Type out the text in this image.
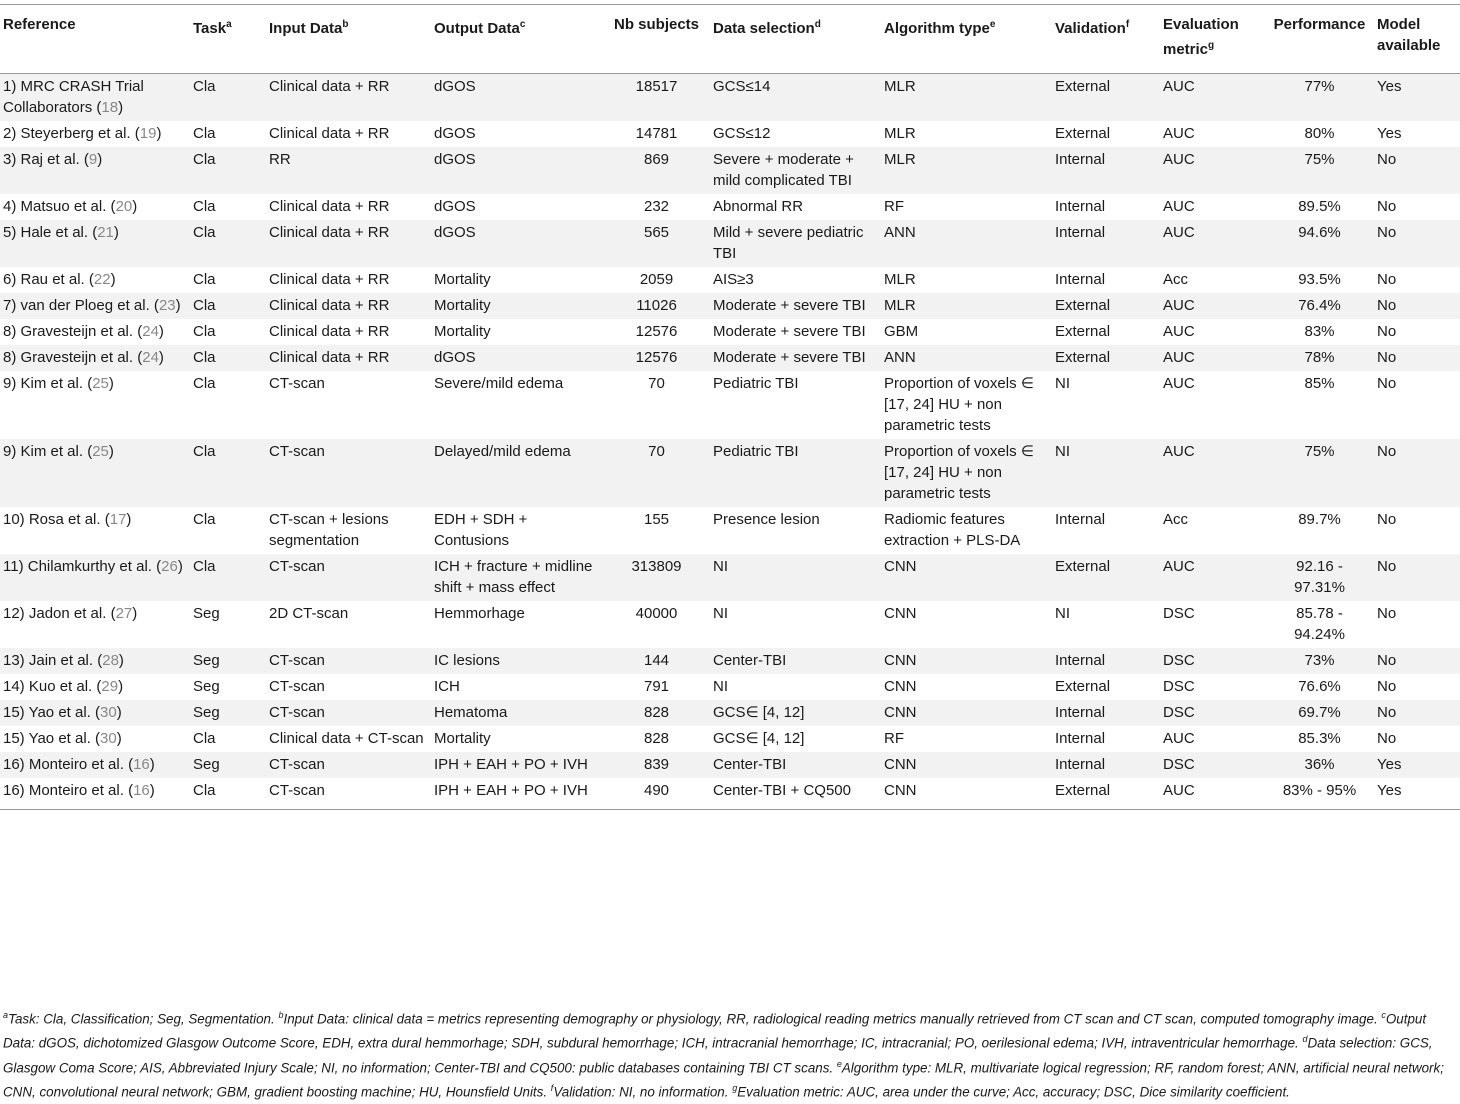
Reference	Task$^a$	Input Data$^b$	Output Data$^c$	Nb subjects	Data selection$^d$	Algorithm type$^e$	Validation$^f$	Evaluation metric$^g$	Performance	Model available
1) MRC CRASH Trial Collaborators (18)	Cla	Clinical data + RR	dGOS	18517	GCS≤14	MLR	External	AUC	77%	Yes
2) Steyerberg et al. (19)	Cla	Clinical data + RR	dGOS	14781	GCS≤12	MLR	External	AUC	80%	Yes
3) Raj et al. (9)	Cla	RR	dGOS	869	Severe + moderate + mild complicated TBI	MLR	Internal	AUC	75%	No
4) Matsuo et al. (20)	Cla	Clinical data + RR	dGOS	232	Abnormal RR	RF	Internal	AUC	89.5%	No
5) Hale et al. (21)	Cla	Clinical data + RR	dGOS	565	Mild + severe pediatric TBI	ANN	Internal	AUC	94.6%	No
6) Rau et al. (22)	Cla	Clinical data + RR	Mortality	2059	AIS≥3	MLR	Internal	Acc	93.5%	No
7) van der Ploeg et al. (23)	Cla	Clinical data + RR	Mortality	11026	Moderate + severe TBI	MLR	External	AUC	76.4%	No
8) Gravesteijn et al. (24)	Cla	Clinical data + RR	Mortality	12576	Moderate + severe TBI	GBM	External	AUC	83%	No
8) Gravesteijn et al. (24)	Cla	Clinical data + RR	dGOS	12576	Moderate + severe TBI	ANN	External	AUC	78%	No
9) Kim et al. (25)	Cla	CT-scan	Severe/mild edema	70	Pediatric TBI	Proportion of voxels ∈ [17, 24] HU + non parametric tests	NI	AUC	85%	No
9) Kim et al. (25)	Cla	CT-scan	Delayed/mild edema	70	Pediatric TBI	Proportion of voxels ∈ [17, 24] HU + non parametric tests	NI	AUC	75%	No
10) Rosa et al. (17)	Cla	CT-scan + lesions segmentation	EDH + SDH + Contusions	155	Presence lesion	Radiomic features extraction + PLS-DA	Internal	Acc	89.7%	No
11) Chilamkurthy et al. (26)	Cla	CT-scan	ICH + fracture + midline shift + mass effect	313809	NI	CNN	External	AUC	92.16 - 97.31%	No
12) Jadon et al. (27)	Seg	2D CT-scan	Hemmorhage	40000	NI	CNN	NI	DSC	85.78 - 94.24%	No
13) Jain et al. (28)	Seg	CT-scan	IC lesions	144	Center-TBI	CNN	Internal	DSC	73%	No
14) Kuo et al. (29)	Seg	CT-scan	ICH	791	NI	CNN	External	DSC	76.6%	No
15) Yao et al. (30)	Seg	CT-scan	Hematoma	828	GCS∈ [4, 12]	CNN	Internal	DSC	69.7%	No
15) Yao et al. (30)	Cla	Clinical data + CT-scan	Mortality	828	GCS∈ [4, 12]	RF	Internal	AUC	85.3%	No
16) Monteiro et al. (16)	Seg	CT-scan	IPH + EAH + PO + IVH	839	Center-TBI	CNN	Internal	DSC	36%	Yes
16) Monteiro et al. (16)	Cla	CT-scan	IPH + EAH + PO + IVH	490	Center-TBI + CQ500	CNN	External	AUC	83% - 95%	Yes
$^a$Task: Cla, Classification; Seg, Segmentation. $^b$Input Data: clinical data = metrics representing demography or physiology, RR, radiological reading metrics manually retrieved from CT scan and CT scan, computed tomography image. $^c$Output Data: dGOS, dichotomized Glasgow Outcome Score, EDH, extra dural hemmorhage; SDH, subdural hemorrhage; ICH, intracranial hemorrhage; IC, intracranial; PO, oerilesional edema; IVH, intraventricular hemorrhage. $^d$Data selection: GCS, Glasgow Coma Score; AIS, Abbreviated Injury Scale; NI, no information; Center-TBI and CQ500: public databases containing TBI CT scans. $^e$Algorithm type: MLR, multivariate logical regression; RF, random forest; ANN, artificial neural network; CNN, convolutional neural network; GBM, gradient boosting machine; HU, Hounsfield Units. $^f$Validation: NI, no information. $^g$Evaluation metric: AUC, area under the curve; Acc, accuracy; DSC, Dice similarity coefficient.
